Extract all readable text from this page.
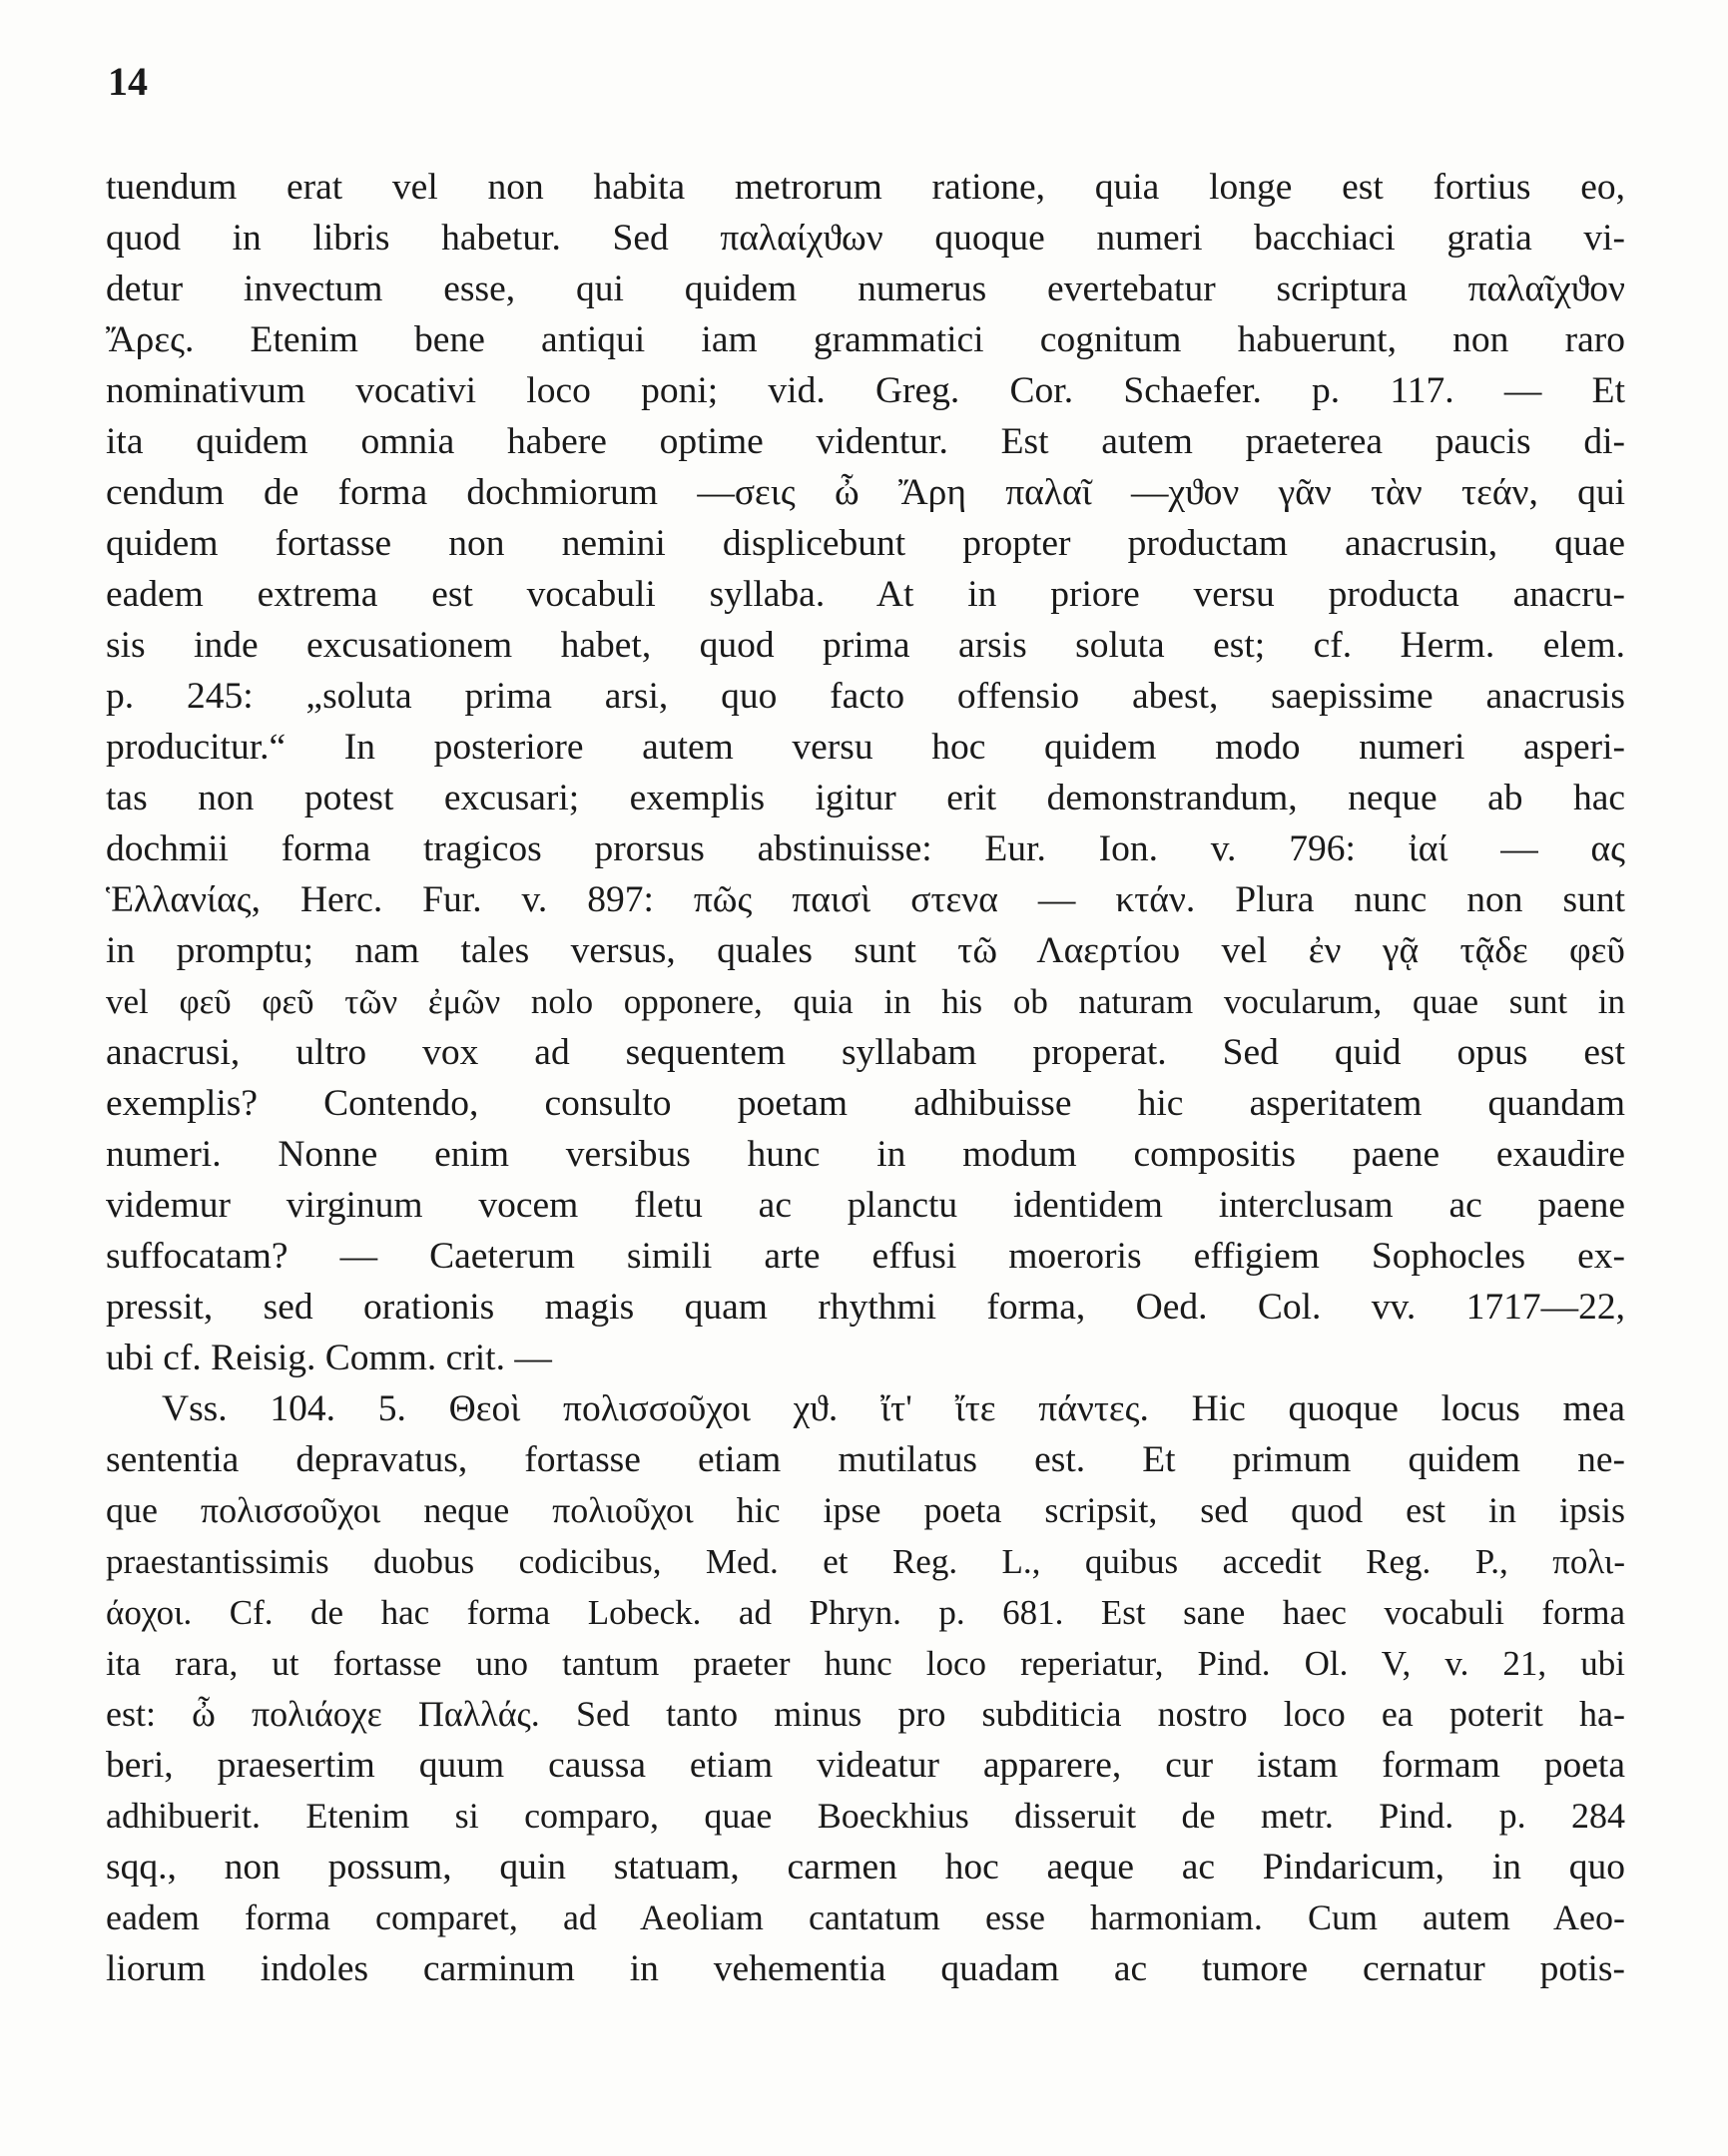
14
tuendum erat vel non habita metrorum ratione, quia longe est fortius eo,
quod in libris habetur. Sed παλαίχϑων quoque numeri bacchiaci gratia vi-
detur invectum esse, qui quidem numerus evertebatur scriptura παλαῖχϑον
Ἄρες. Etenim bene antiqui iam grammatici cognitum habuerunt, non raro
nominativum vocativi loco poni; vid. Greg. Cor. Schaefer. p. 117. — Et
ita quidem omnia habere optime videntur. Est autem praeterea paucis di-
cendum de forma dochmiorum —σεις ὦ Ἄρη παλαῖ —χϑον γᾶν τὰν τεάν, qui
quidem fortasse non nemini displicebunt propter productam anacrusin, quae
eadem extrema est vocabuli syllaba. At in priore versu producta anacru-
sis inde excusationem habet, quod prima arsis soluta est; cf. Herm. elem.
p. 245: „soluta prima arsi, quo facto offensio abest, saepissime anacrusis
producitur.“ In posteriore autem versu hoc quidem modo numeri asperi-
tas non potest excusari; exemplis igitur erit demonstrandum, neque ab hac
dochmii forma tragicos prorsus abstinuisse: Eur. Ion. v. 796: ἰαί — ας
Ἑλλανίας, Herc. Fur. v. 897: πῶς παισὶ στενα — κτάν. Plura nunc non sunt
in promptu; nam tales versus, quales sunt τῶ Λαερτίου vel ἐν γᾷ τᾷδε φεῦ
vel φεῦ φεῦ τῶν ἐμῶν nolo opponere, quia in his ob naturam vocularum, quae sunt in
anacrusi, ultro vox ad sequentem syllabam properat. Sed quid opus est
exemplis? Contendo, consulto poetam adhibuisse hic asperitatem quandam
numeri. Nonne enim versibus hunc in modum compositis paene exaudire
videmur virginum vocem fletu ac planctu identidem interclusam ac paene
suffocatam? — Caeterum simili arte effusi moeroris effigiem Sophocles ex-
pressit, sed orationis magis quam rhythmi forma, Oed. Col. vv. 1717—22,
ubi cf. Reisig. Comm. crit. —
Vss. 104. 5. Θεοὶ πολισσοῦχοι χϑ. ἴτ' ἴτε πάντες. Hic quoque locus mea
sententia depravatus, fortasse etiam mutilatus est. Et primum quidem ne-
que πολισσοῦχοι neque πολιοῦχοι hic ipse poeta scripsit, sed quod est in ipsis
praestantissimis duobus codicibus, Med. et Reg. L., quibus accedit Reg. P., πολι-
άοχοι. Cf. de hac forma Lobeck. ad Phryn. p. 681. Est sane haec vocabuli forma
ita rara, ut fortasse uno tantum praeter hunc loco reperiatur, Pind. Ol. V, v. 21, ubi
est: ὦ πολιάοχε Παλλάς. Sed tanto minus pro subditicia nostro loco ea poterit ha-
beri, praesertim quum caussa etiam videatur apparere, cur istam formam poeta
adhibuerit. Etenim si comparo, quae Boeckhius disseruit de metr. Pind. p. 284
sqq., non possum, quin statuam, carmen hoc aeque ac Pindaricum, in quo
eadem forma comparet, ad Aeoliam cantatum esse harmoniam. Cum autem Aeo-
liorum indoles carminum in vehementia quadam ac tumore cernatur potis-
